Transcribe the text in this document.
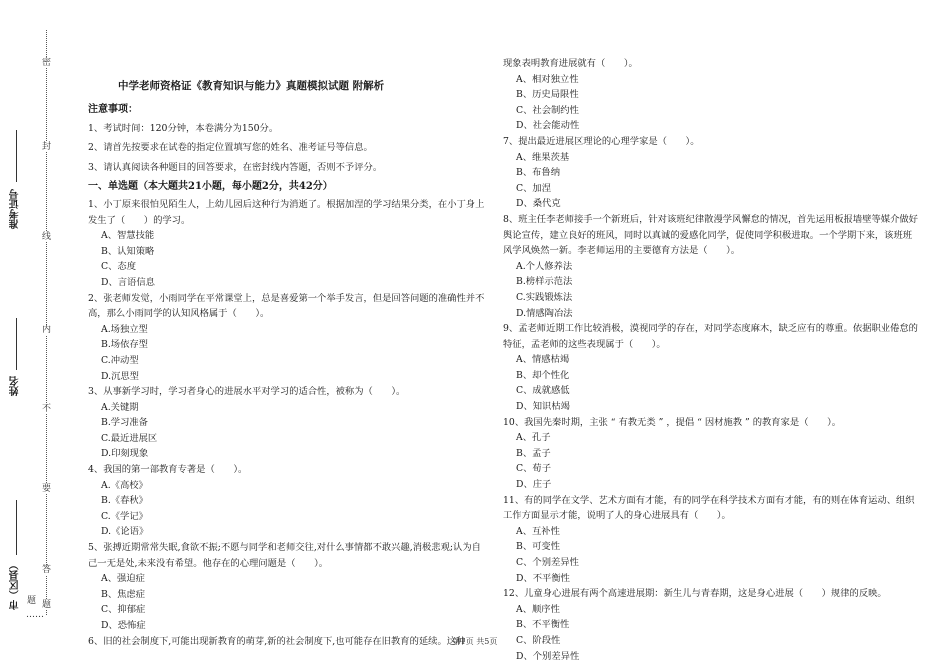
密
封
线
内
不
要
答
题
准考证号
姓名
市（区县） 题
……
中学老师资格证《教育知识与能力》真题模拟试题 附解析
注意事项：
1、考试时间：120分钟，本卷满分为150分。
2、请首先按要求在试卷的指定位置填写您的姓名、准考证号等信息。
3、请认真阅读各种题目的回答要求，在密封线内答题，否则不予评分。
一、单选题（本大题共21小题，每小题2分，共42分）
1、小丁原来很怕见陌生人，上幼儿园后这种行为消逝了。根据加涅的学习结果分类，在小丁身上发生了（　　）的学习。
A、智慧技能
B、认知策略
C、态度
D、言语信息
2、张老师发觉，小雨同学在平常课堂上，总是喜爱第一个举手发言，但是回答问题的准确性并不高，那么小雨同学的认知风格属于（　　）。
A.场独立型
B.场依存型
C.冲动型
D.沉思型
3、从事新学习时，学习者身心的进展水平对学习的适合性，被称为（　　）。
A.关键期
B.学习准备
C.最近进展区
D.印刻现象
4、我国的第一部教育专著是（　　）。
A.《高校》
B.《春秋》
C.《学记》
D.《论语》
5、张搏近期常常失眠,食欲不振;不愿与同学和老师交往,对什么事情都不敢兴趣,消极悲观;认为自己一无是处,未来没有希望。他存在的心理问题是（　　）。
A、强迫症
B、焦虑症
C、抑郁症
D、恐怖症
6、旧的社会制度下,可能出现新教育的萌芽,新的社会制度下,也可能存在旧教育的延续。这种
现象表明教育进展就有（　　）。
A、相对独立性
B、历史局限性
C、社会制约性
D、社会能动性
7、提出最近进展区理论的心理学家是（　　）。
A、维果茨基
B、布鲁纳
C、加涅
D、桑代克
8、班主任李老师接手一个新班后，针对该班纪律散漫学风懈怠的情况，首先运用板报墙壁等媒介做好舆论宣传，建立良好的班风，同时以真诚的爱感化同学，促使同学积极进取。一个学期下来，该班班风学风焕然一新。李老师运用的主要德育方法是（　　）。
A.个人修养法
B.榜样示范法
C.实践锻炼法
D.情感陶冶法
9、孟老师近期工作比较消极，漠视同学的存在，对同学态度麻木，缺乏应有的尊重。依据职业倦怠的特征，孟老师的这些表现属于（　　）。
A、情感枯竭
B、却个性化
C、成就感低
D、知识枯竭
10、我国先秦时期，主张 “ 有教无类 ” ，提倡 “ 因材施教 ” 的教育家是（　　）。
A、孔子
B、孟子
C、荀子
D、庄子
11、有的同学在文学、艺术方面有才能，有的同学在科学技术方面有才能，有的则在体育运动、组织工作方面显示才能，说明了人的身心进展具有（　　）。
A、互补性
B、可变性
C、个别差异性
D、不平衡性
12、儿童身心进展有两个高速进展期：新生儿与青春期，这是身心进展（　　）规律的反映。
A、顺序性
B、不平衡性
C、阶段性
D、个别差异性
第1页 共5页
